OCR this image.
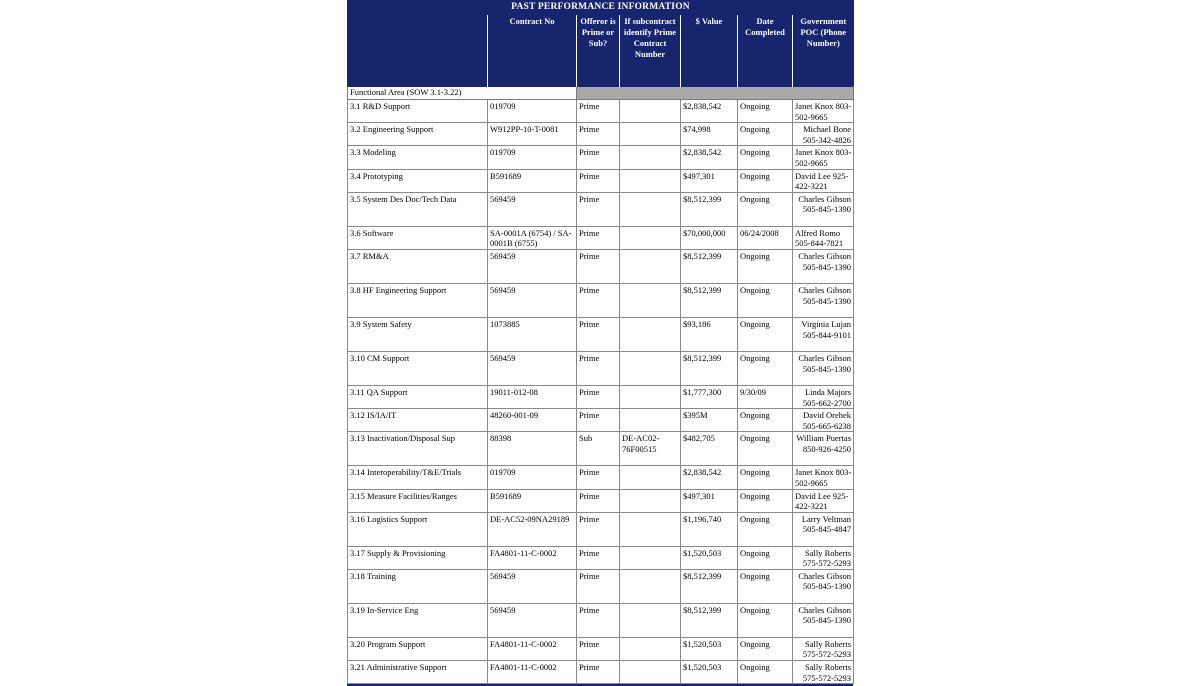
PAST PERFORMANCE INFORMATION						
	Contract No	Offeror is Prime or Sub?	If subcontract identify Prime Contract Number	$ Value	Date Completed	Government POC (Phone Number)
Functional Area (SOW 3.1-3.22)						
3.1 R&D Support	019709	Prime		$2,838,542	Ongoing	Janet Knox 803-502-9665
3.2 Engineering Support	W912PP-10-T-0081	Prime		$74,998	Ongoing	Michael Bone 505-342-4826
3.3 Modeling	019709	Prime		$2,838,542	Ongoing	Janet Knox 803-502-9665
3.4 Prototyping	B591689	Prime		$497,301	Ongoing	David Lee 925-422-3221
3.5 System Des Doc/Tech Data	569459	Prime		$8,512,399	Ongoing	Charles Gibson 505-845-1390
3.6 Software	SA-0001A (6754) / SA-0001B (6755)	Prime		$70,000,000	06/24/2008	Alfred Romo 505-844-7821
3.7 RM&A	569459	Prime		$8,512,399	Ongoing	Charles Gibson 505-845-1390
3.8 HF Engineering Support	569459	Prime		$8,512,399	Ongoing	Charles Gibson 505-845-1390
3.9 System Safety	1073885	Prime		$93,186	Ongoing	Virginia Lujan 505-844-9101
3.10 CM Support	569459	Prime		$8,512,399	Ongoing	Charles Gibson 505-845-1390
3.11 QA Support	19011-012-08	Prime		$1,777,300	9/30/09	Linda Majors 505-662-2700
3.12 IS/IA/IT	48260-001-09	Prime		$395M	Ongoing	David Orehek 505-665-6238
3.13 Inactivation/Disposal Sup	88398	Sub	DE-AC02-76F00515	$482,705	Ongoing	William Puertas 850-926-4250
3.14 Interoperability/T&E/Trials	019709	Prime		$2,838,542	Ongoing	Janet Knox 803-502-9665
3.15 Measure Facilities/Ranges	B591689	Prime		$497,301	Ongoing	David Lee 925-422-3221
3.16 Logistics Support	DE-AC52-09NA29189	Prime		$1,196,740	Ongoing	Larry Veltman 505-845-4847
3.17 Supply & Provisioning	FA4801-11-C-0002	Prime		$1,520,503	Ongoing	Sally Roberts 575-572-5293
3.18 Training	569459	Prime		$8,512,399	Ongoing	Charles Gibson 505-845-1390
3.19 In-Service Eng	569459	Prime		$8,512,399	Ongoing	Charles Gibson 505-845-1390
3.20 Program Support	FA4801-11-C-0002	Prime		$1,520,503	Ongoing	Sally Roberts 575-572-5293
3.21 Administrative Support	FA4801-11-C-0002	Prime		$1,520,503	Ongoing	Sally Roberts 575-572-5293
